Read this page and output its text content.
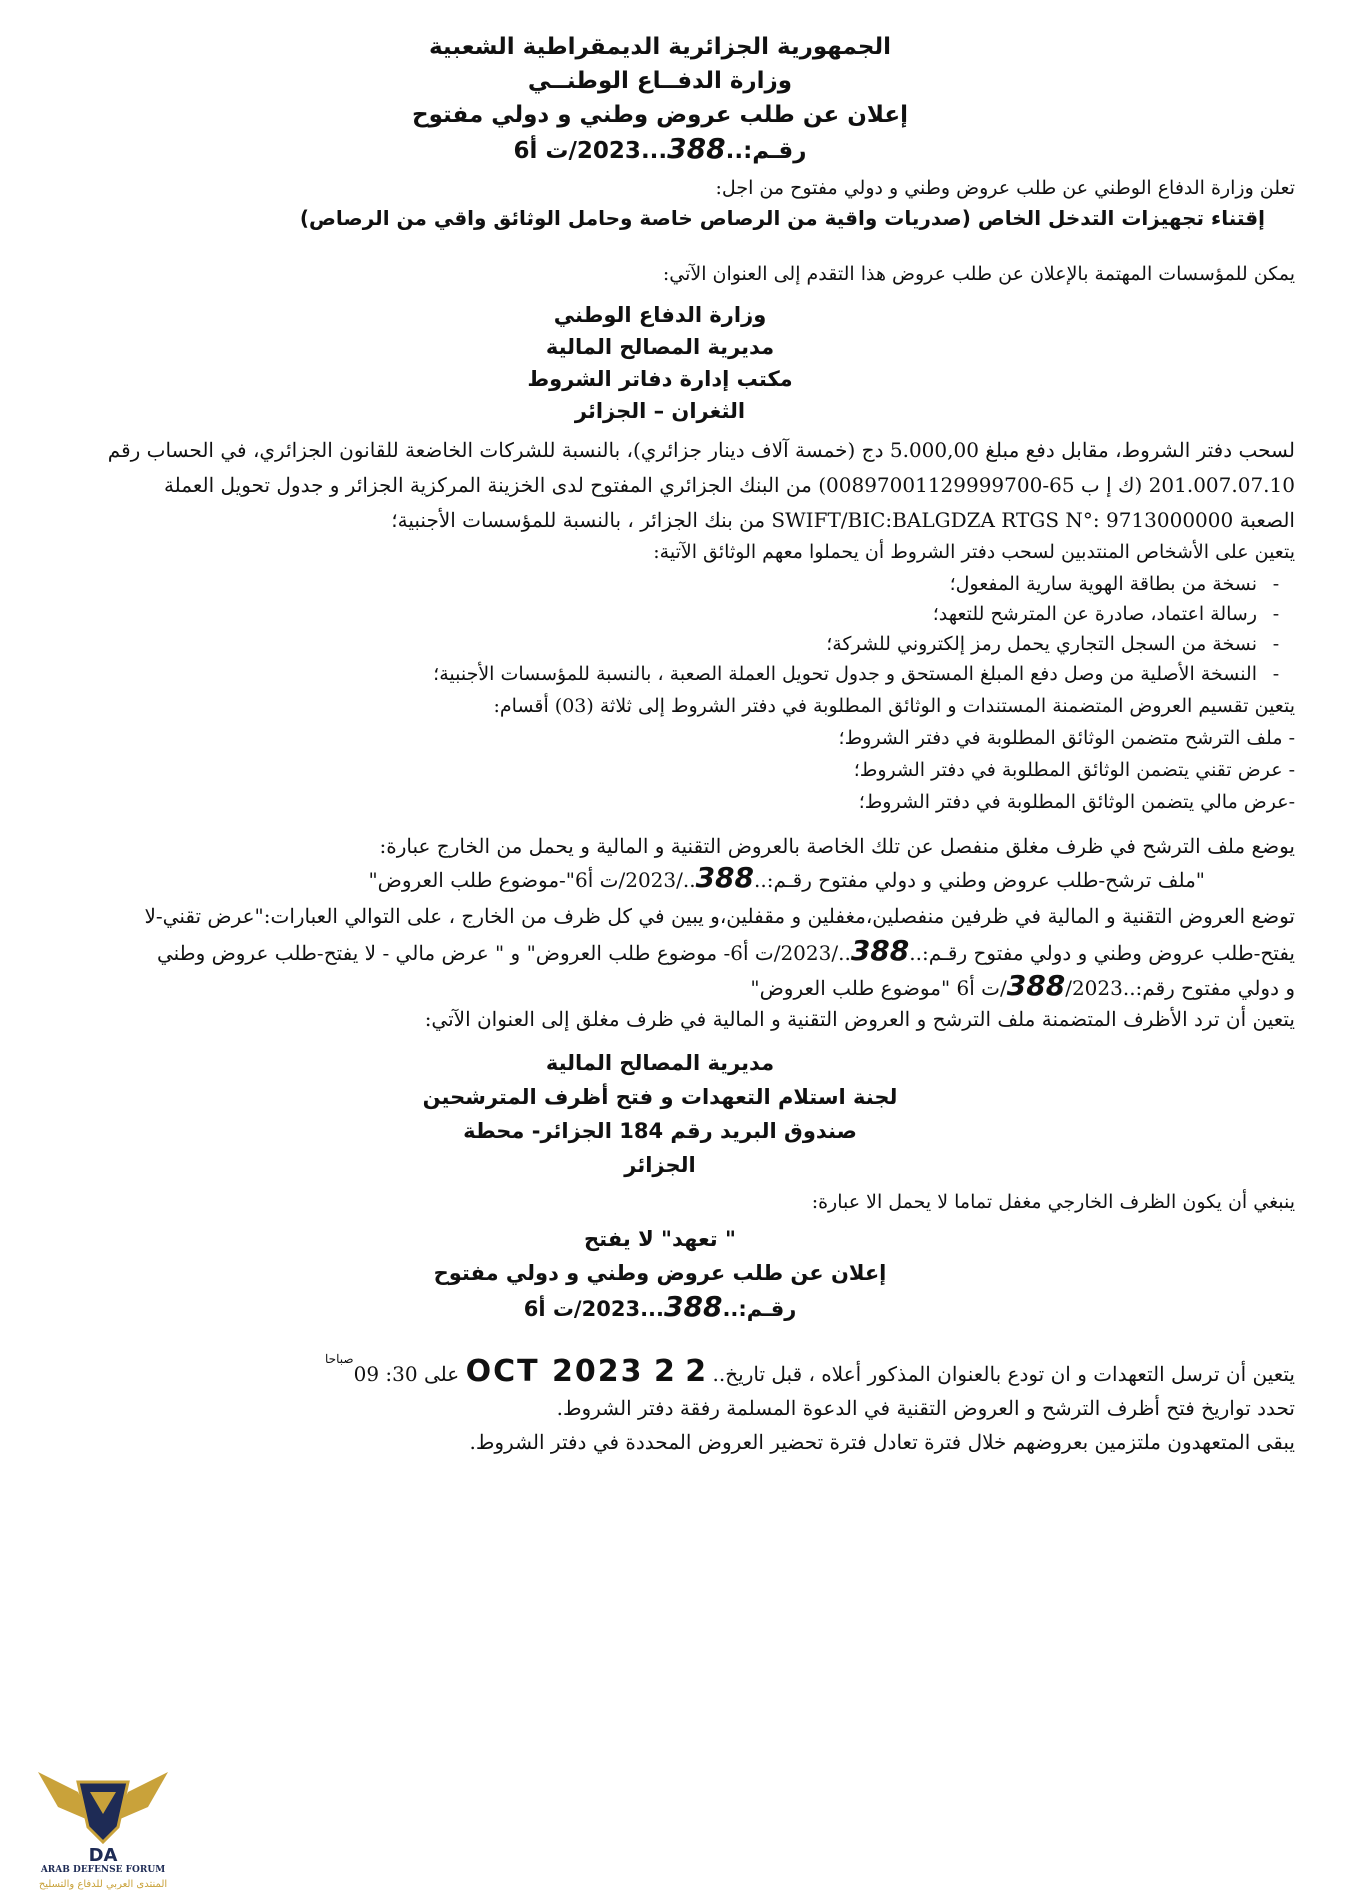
الجمهورية الجزائرية الديمقراطية الشعبية
وزارة الدفــاع الوطنــي
إعلان عن طلب عروض وطني و دولي مفتوح
رقـم:..388...2023/ت أ6
تعلن وزارة الدفاع الوطني عن طلب عروض وطني و دولي مفتوح من اجل:
إقتناء تجهيزات التدخل الخاص (صدريات واقية من الرصاص خاصة وحامل الوثائق واقي من الرصاص)
يمكن للمؤسسات المهتمة بالإعلان عن طلب عروض هذا التقدم إلى العنوان الآتي:
وزارة الدفاع الوطني
مديرية المصالح المالية
مكتب إدارة دفاتر الشروط
الثغران – الجزائر
لسحب دفتر الشروط، مقابل دفع مبلغ 5.000,00 دج (خمسة آلاف دينار جزائري)، بالنسبة للشركات الخاضعة للقانون الجزائري، في الحساب رقم
201.007.07.10 (ك إ ب 65-00897001129999700) من البنك الجزائري المفتوح لدى الخزينة المركزية الجزائر و جدول تحويل العملة
الصعبة SWIFT/BIC:BALGDZA RTGS N°: 9713000000 من بنك الجزائر ، بالنسبة للمؤسسات الأجنبية؛
يتعين على الأشخاص المنتدبين لسحب دفتر الشروط أن يحملوا معهم الوثائق الآتية:
-نسخة من بطاقة الهوية سارية المفعول؛
-رسالة اعتماد، صادرة عن المترشح للتعهد؛
-نسخة من السجل التجاري يحمل رمز إلكتروني للشركة؛
-النسخة الأصلية من وصل دفع المبلغ المستحق و جدول تحويل العملة الصعبة ، بالنسبة للمؤسسات الأجنبية؛
يتعين تقسيم العروض المتضمنة المستندات و الوثائق المطلوبة في دفتر الشروط إلى ثلاثة (03) أقسام:
- ملف الترشح متضمن الوثائق المطلوبة في دفتر الشروط؛
- عرض تقني يتضمن الوثائق المطلوبة في دفتر الشروط؛
-عرض مالي يتضمن الوثائق المطلوبة في دفتر الشروط؛
يوضع ملف الترشح في ظرف مغلق منفصل عن تلك الخاصة بالعروض التقنية و المالية و يحمل من الخارج عبارة:
"ملف ترشح-طلب عروض وطني و دولي مفتوح رقـم:..388../2023/ت أ6"-موضوع طلب العروض"
توضع العروض التقنية و المالية في ظرفين منفصلين،مغفلين و مقفلين،و يبين في كل ظرف من الخارج ، على التوالي العبارات:"عرض تقني-لا
يفتح-طلب عروض وطني و دولي مفتوح رقـم:..388../2023/ت أ6- موضوع طلب العروض" و " عرض مالي - لا يفتح-طلب عروض وطني
و دولي مفتوح رقم:..388/2023/ت أ6 "موضوع طلب العروض"
يتعين أن ترد الأظرف المتضمنة ملف الترشح و العروض التقنية و المالية في ظرف مغلق إلى العنوان الآتي:
مديرية المصالح المالية
لجنة استلام التعهدات و فتح أظرف المترشحين
صندوق البريد رقم 184 الجزائر- محطة
الجزائر
ينبغي أن يكون الظرف الخارجي مغفل تماما لا يحمل الا عبارة:
" تعهد" لا يفتح
إعلان عن طلب عروض وطني و دولي مفتوح
رقـم:..388...2023/ت أ6
يتعين أن ترسل التعهدات و ان تودع بالعنوان المذكور أعلاه ، قبل تاريخ.. 2 2 OCT 2023 على 30: 09
صباحا
تحدد تواريخ فتح أظرف الترشح و العروض التقنية في الدعوة المسلمة رفقة دفتر الشروط.
يبقى المتعهدون ملتزمين بعروضهم خلال فترة تعادل فترة تحضير العروض المحددة في دفتر الشروط.
DA
ARAB DEFENSE FORUM
المنتدى العربي للدفاع والتسليح
